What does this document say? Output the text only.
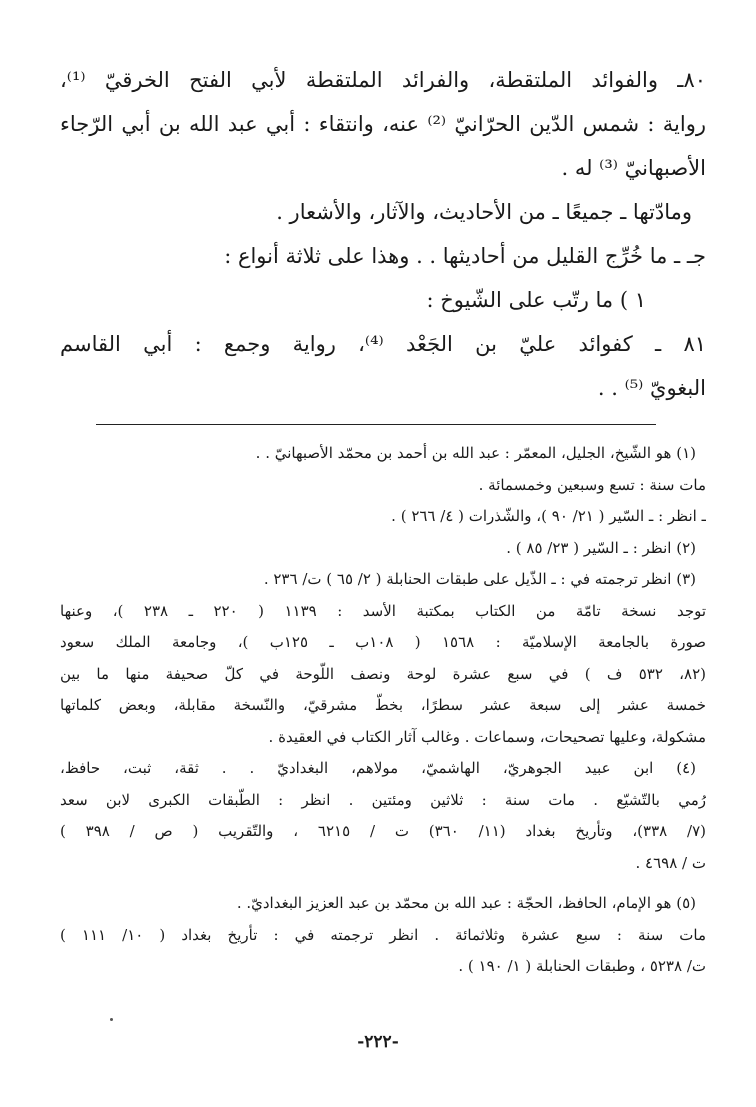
٨٠ـ والفوائد الملتقطة، والفرائد الملتقطة لأبي الفتح الخرقيّ ⁽¹⁾،
رواية : شمس الدّين الحرّانيّ ⁽²⁾ عنه، وانتقاء : أبي عبد الله بن أبي الرّجاء
الأصبهانيّ ⁽³⁾ له .
ومادّتها ـ جميعًا ـ من الأحاديث، والآثار، والأشعار .
جـ ـ ما خُرِّج القليل من أحاديثها . . وهذا على ثلاثة أنواع :
١ ) ما رتّب على الشّيوخ :
٨١ ـ كفوائد عليّ بن الجَعْد ⁽⁴⁾، رواية وجمع : أبي القاسم
البغويّ ⁽⁵⁾ . .
(١) هو الشّيخ، الجليل، المعمّر : عبد الله بن أحمد بن محمّد الأصبهانيّ . .
مات سنة : تسع وسبعين وخمسمائة .
ـ انظر : ـ السّير ( ٢١/ ٩٠ )، والشّذرات ( ٤/ ٢٦٦ ) .
(٢) انظر : ـ السّير ( ٢٣/ ٨٥ ) .
(٣) انظر ترجمته في : ـ الذّيل على طبقات الحنابلة ( ٢/ ٦٥ ) ت/ ٢٣٦ .
توجد نسخة تامّة من الكتاب بمكتبة الأسد : ١١٣٩ ( ٢٢٠ ـ ٢٣٨ )، وعنها
صورة بالجامعة الإسلاميّة : ١٥٦٨ ( ١٠٨ب ـ ١٢٥ب )، وجامعة الملك سعود
(٨٢، ٥٣٢ ف ) في سبع عشرة لوحة ونصف اللّوحة في كلّ صحيفة منها ما بين
خمسة عشر إلى سبعة عشر سطرًا، بخطّ مشرقيّ، والنّسخة مقابلة، وبعض كلماتها
مشكولة، وعليها تصحيحات، وسماعات . وغالب آثار الكتاب في العقيدة .
(٤) ابن عبيد الجوهريّ، الهاشميّ، مولاهم، البغداديّ . . ثقة، ثبت، حافظ،
رُمي بالتّشيّع . مات سنة : ثلاثين ومئتين . انظر : الطّبقات الكبرى لابن سعد
(٧/ ٣٣٨)، وتأريخ بغداد (١١/ ٣٦٠) ت / ٦٢١٥ ، والتّقريب ( ص / ٣٩٨ )
ت / ٤٦٩٨ .
(٥) هو الإمام، الحافظ، الحجّة : عبد الله بن محمّد بن عبد العزيز البغداديّ. .
مات سنة : سبع عشرة وثلاثمائة . انظر ترجمته في : تأريخ بغداد ( ١٠/ ١١١ )
ت/ ٥٢٣٨ ، وطبقات الحنابلة ( ١/ ١٩٠ ) .
-٢٢٢-
